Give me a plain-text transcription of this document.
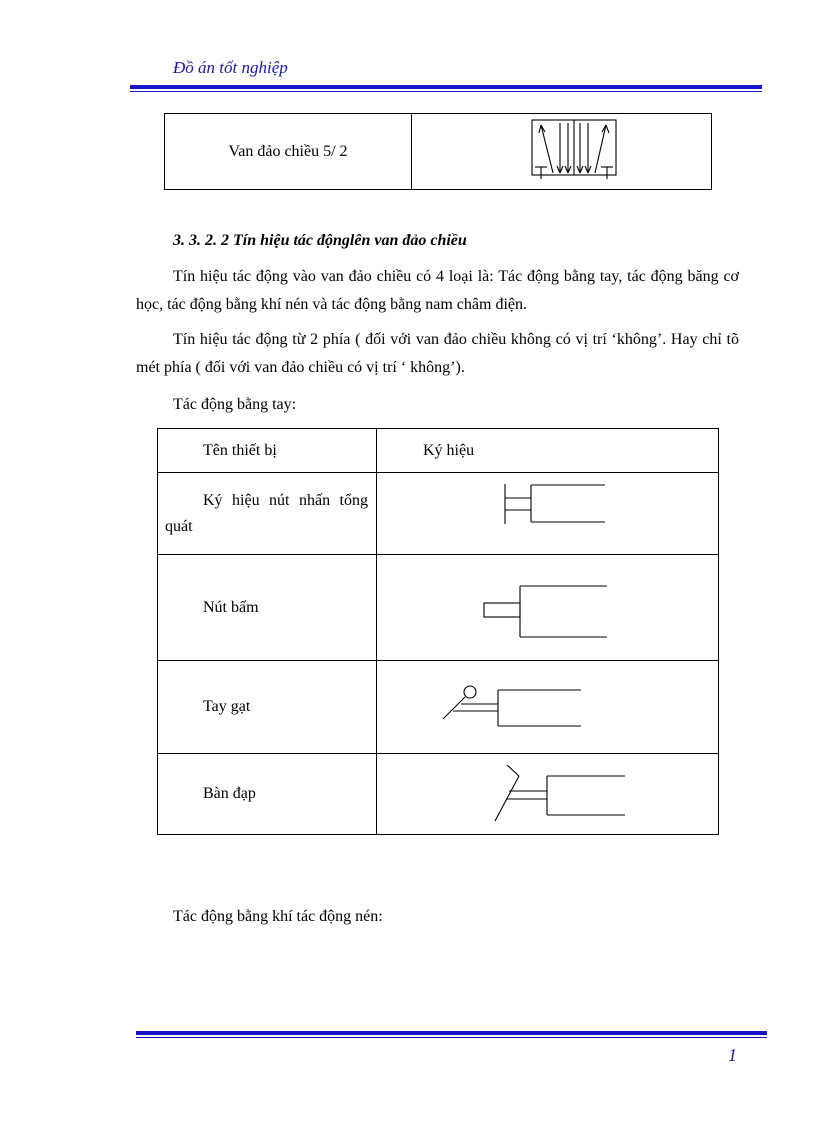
Đồ án tốt nghiệp
Van đảo chiều 5/ 2	
3. 3. 2. 2 Tín hiệu tác độnglên van đảo chiều
Tín hiệu tác động vào van đảo chiều có 4 loại là: Tác động bằng tay, tác động băng cơ học, tác động bằng khí nén và tác động bằng nam châm điện.
Tín hiệu tác động từ 2 phía ( đối với van đảo chiều không có vị trí ‘không’. Hay chỉ tõ mét phía ( đối với van đảo chiều có vị trí ‘ không’).
Tác động bằng tay:
Tên thiết bị	Ký hiệu
Ký hiệu nút nhấn tổng quát	

Nút bấm	

Tay gạt	

Bàn đạp	
Tác động bằng khí tác động nén:
1
